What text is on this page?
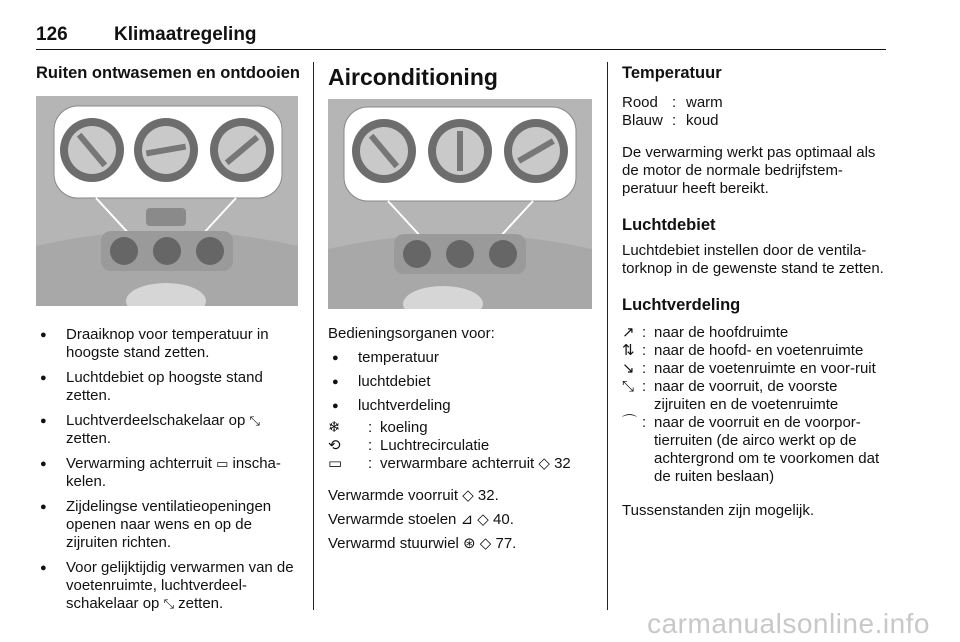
126 Klimaatregeling
Ruiten ontwasemen en ontdooien
● Draaiknop voor temperatuur in hoogste stand zetten.
● Luchtdebiet op hoogste stand zetten.
● Luchtverdeelschakelaar op ⤡ zetten.
● Verwarming achterruit ▭ inscha-kelen.
● Zijdelingse ventilatieopeningen openen naar wens en op de zijruiten richten.
● Voor gelijktijdig verwarmen van de voetenruimte, luchtverdeel-schakelaar op ⤡ zetten.
Airconditioning

Bedieningsorganen voor:

● temperatuur
● luchtdebiet
● luchtverdeling
❄	: koeling
⟲	: Luchtrecirculatie
▭	: verwarmbare achterruit ◇ 32

Verwarmde voorruit ◇ 32.

Verwarmde stoelen ⊿ ◇ 40.

Verwarmd stuurwiel ⊛ ◇ 77.

Temperatuur
Rood : warm
Blauw : koud

De verwarming werkt pas optimaal als de motor de normale bedrijfstem-peratuur heeft bereikt.

Luchtdebiet

Luchtdebiet instellen door de ventila-torknop in de gewenste stand te zetten.

Luchtverdeling
↗ : naar de hoofdruimte
⇅ : naar de hoofd- en voetenruimte
↘ : naar de voetenruimte en voor-ruit
⤡ : naar de voorruit, de voorste zijruiten en de voetenruimte
⌒ : naar de voorruit en de voorpor-tierruiten (de airco werkt op de achtergrond om te voorkomen dat de ruiten beslaan)

Tussenstanden zijn mogelijk.

carmanualsonline.info
